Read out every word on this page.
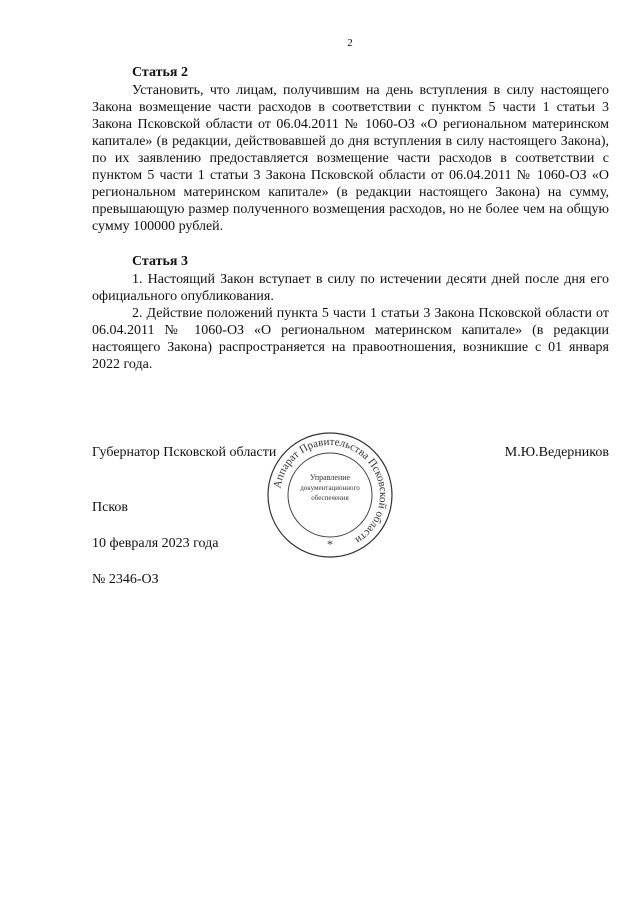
2
Статья 2

Установить, что лицам, получившим на день вступления в силу настоящего Закона возмещение части расходов в соответствии с пунктом 5 части 1 статьи 3 Закона Псковской области от 06.04.2011 № 1060-ОЗ «О региональном материнском капитале» (в редакции, действовавшей до дня вступления в силу настоящего Закона), по их заявлению предоставляется возмещение части расходов в соответствии с пунктом 5 части 1 статьи 3 Закона Псковской области от 06.04.2011 № 1060-ОЗ «О региональном материнском капитале» (в редакции настоящего Закона) на сумму, превышающую размер полученного возмещения расходов, но не более чем на общую сумму 100000 рублей.

Статья 3

1. Настоящий Закон вступает в силу по истечении десяти дней после дня его официального опубликования.

2. Действие положений пункта 5 части 1 статьи 3 Закона Псковской области от 06.04.2011 № 1060-ОЗ «О региональном материнском капитале» (в редакции настоящего Закона) распространяется на правоотношения, возникшие с 01 января 2022 года.

Губернатор Псковской области	М.Ю.Ведерников
Псков
10 февраля 2023 года
№ 2346-ОЗ
Аппарат Правительства Псковской области
Управление
документационного
обеспечения
*
